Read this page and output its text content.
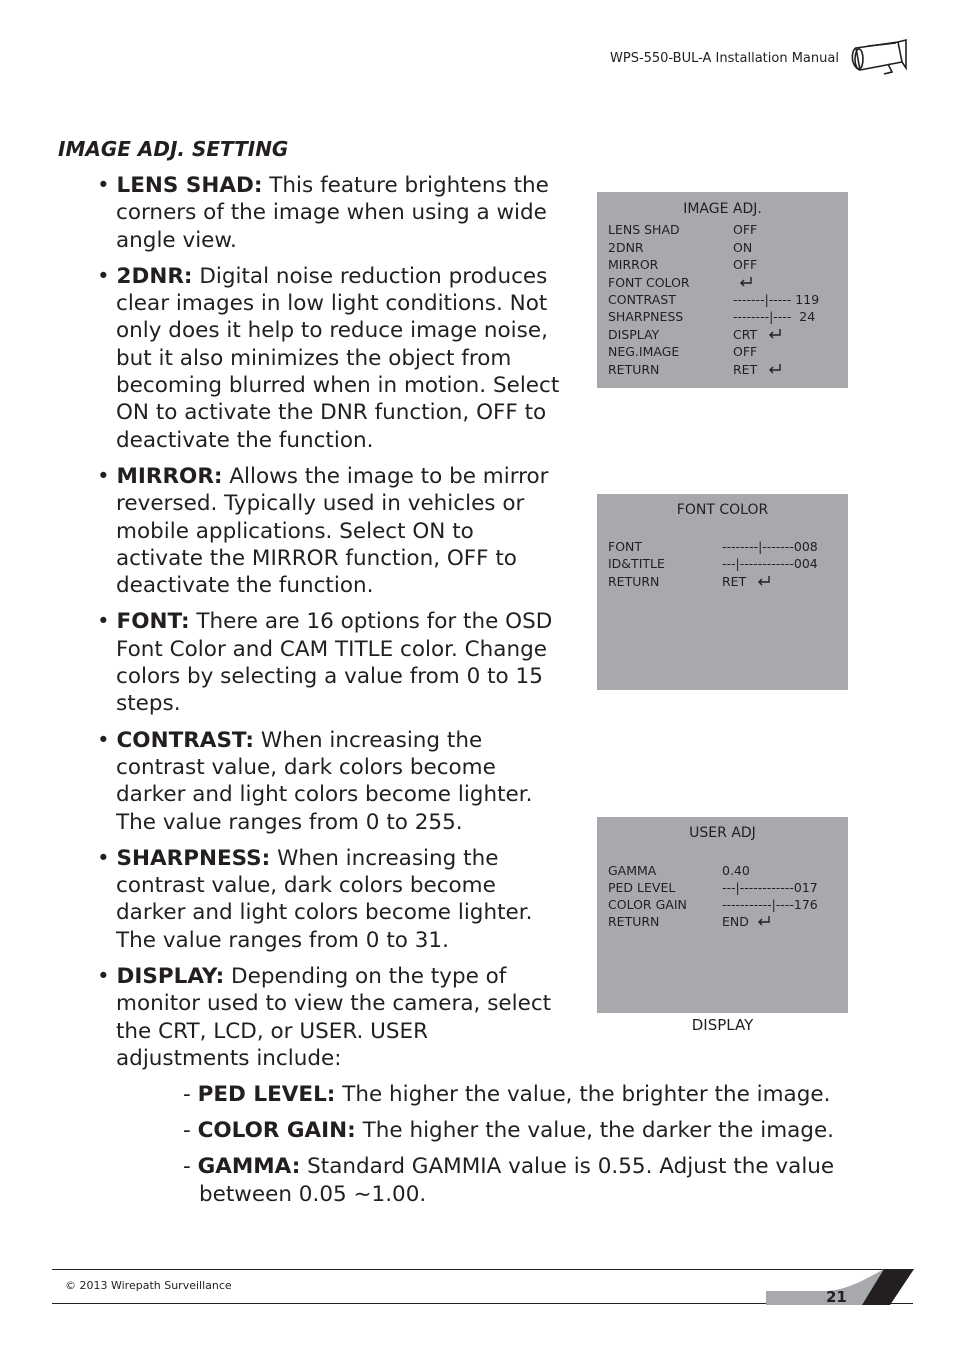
WPS-550-BUL-A Installation Manual
IMAGE ADJ. SETTING

• LENS SHAD: This feature brightens the corners of the image when using a wide angle view.

• 2DNR: Digital noise reduction produces clear images in low light conditions. Not only does it help to reduce image noise, but it also minimizes the object from becoming blurred when in motion. Select ON to activate the DNR function, OFF to deactivate the function.

• MIRROR: Allows the image to be mirror reversed. Typically used in vehicles or mobile applications. Select ON to activate the MIRROR function, OFF to deactivate the function.

• FONT: There are 16 options for the OSD Font Color and CAM TITLE color. Change colors by selecting a value from 0 to 15 steps.

• CONTRAST: When increasing the contrast value, dark colors become darker and light colors become lighter. The value ranges from 0 to 255.

• SHARPNESS: When increasing the contrast value, dark colors become darker and light colors become lighter. The value ranges from 0 to 31.

• DISPLAY: Depending on the type of monitor used to view the camera, select the CRT, LCD, or USER. USER adjustments include:

- PED LEVEL: The higher the value, the brighter the image.

- COLOR GAIN: The higher the value, the darker the image.

- GAMMA: Standard GAMMIA value is 0.55. Adjust the value between 0.05 ~1.00.

IMAGE ADJ.
LENS SHAD	OFF
2DNR	ON
MIRROR	OFF
FONT COLOR
CONTRAST	-------|----- 119
SHARPNESS	--------|----  24
DISPLAY	CRT
NEG.IMAGE	OFF
RETURN	RET
FONT COLOR
FONT	--------|-------008
ID&TITLE	---|------------004
RETURN	RET
USER ADJ
GAMMA	0.40
PED LEVEL	---|------------017
COLOR GAIN	-----------|----176
RETURN	END
DISPLAY
© 2013 Wirepath Surveillance
21
